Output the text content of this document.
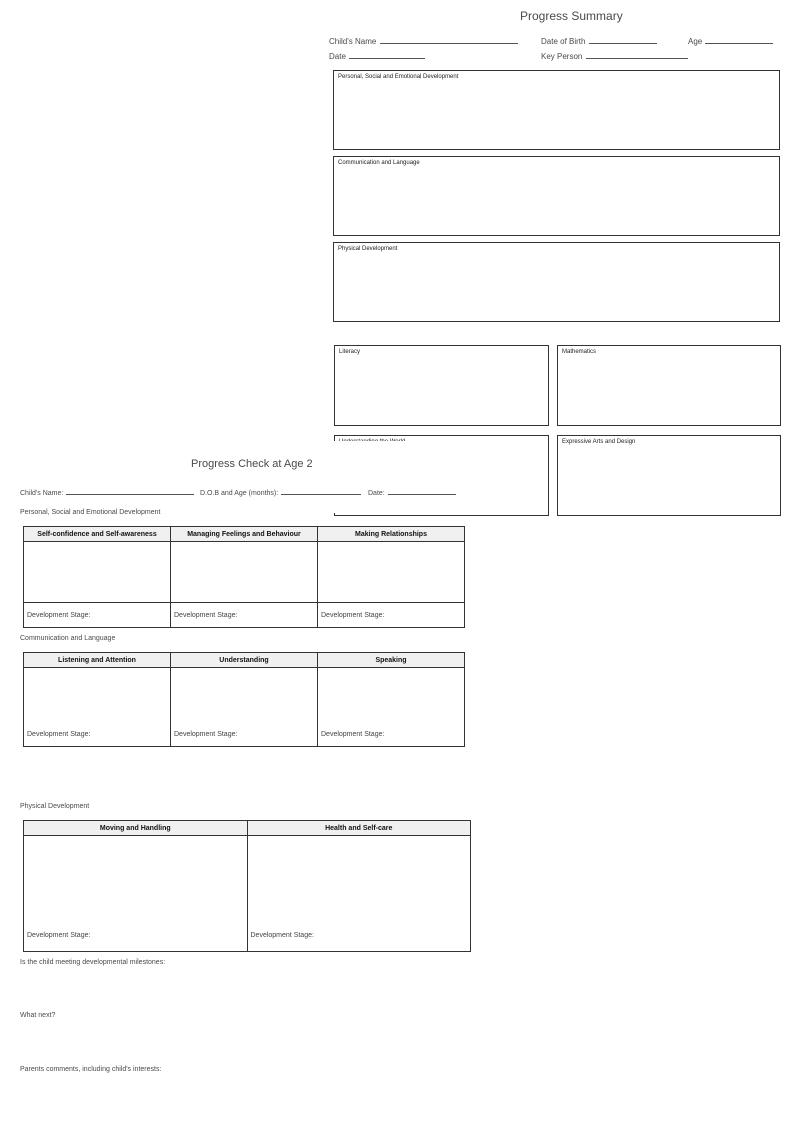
Progress Summary
Child's Name	Date of Birth	Age
Date	Key Person
Personal, Social and Emotional Development
Communication and Language
Physical Development
Literacy	Mathematics
Expressive Arts and Design
Progress Check at Age 2
Child's Name:	D.O.B and Age (months):	Date:
Personal, Social and Emotional Development
Self-confidence and Self-awareness	Managing Feelings and Behaviour	Making Relationships

Development Stage:	Development Stage:	Development Stage:
Communication and Language
Listening and Attention	Understanding	Speaking
Development Stage:	Development Stage:	Development Stage:
Physical Development
Moving and Handling	Health and Self-care
Development Stage:	Development Stage:
Is the child meeting developmental milestones:
What next?
Parents comments, including child's interests:
